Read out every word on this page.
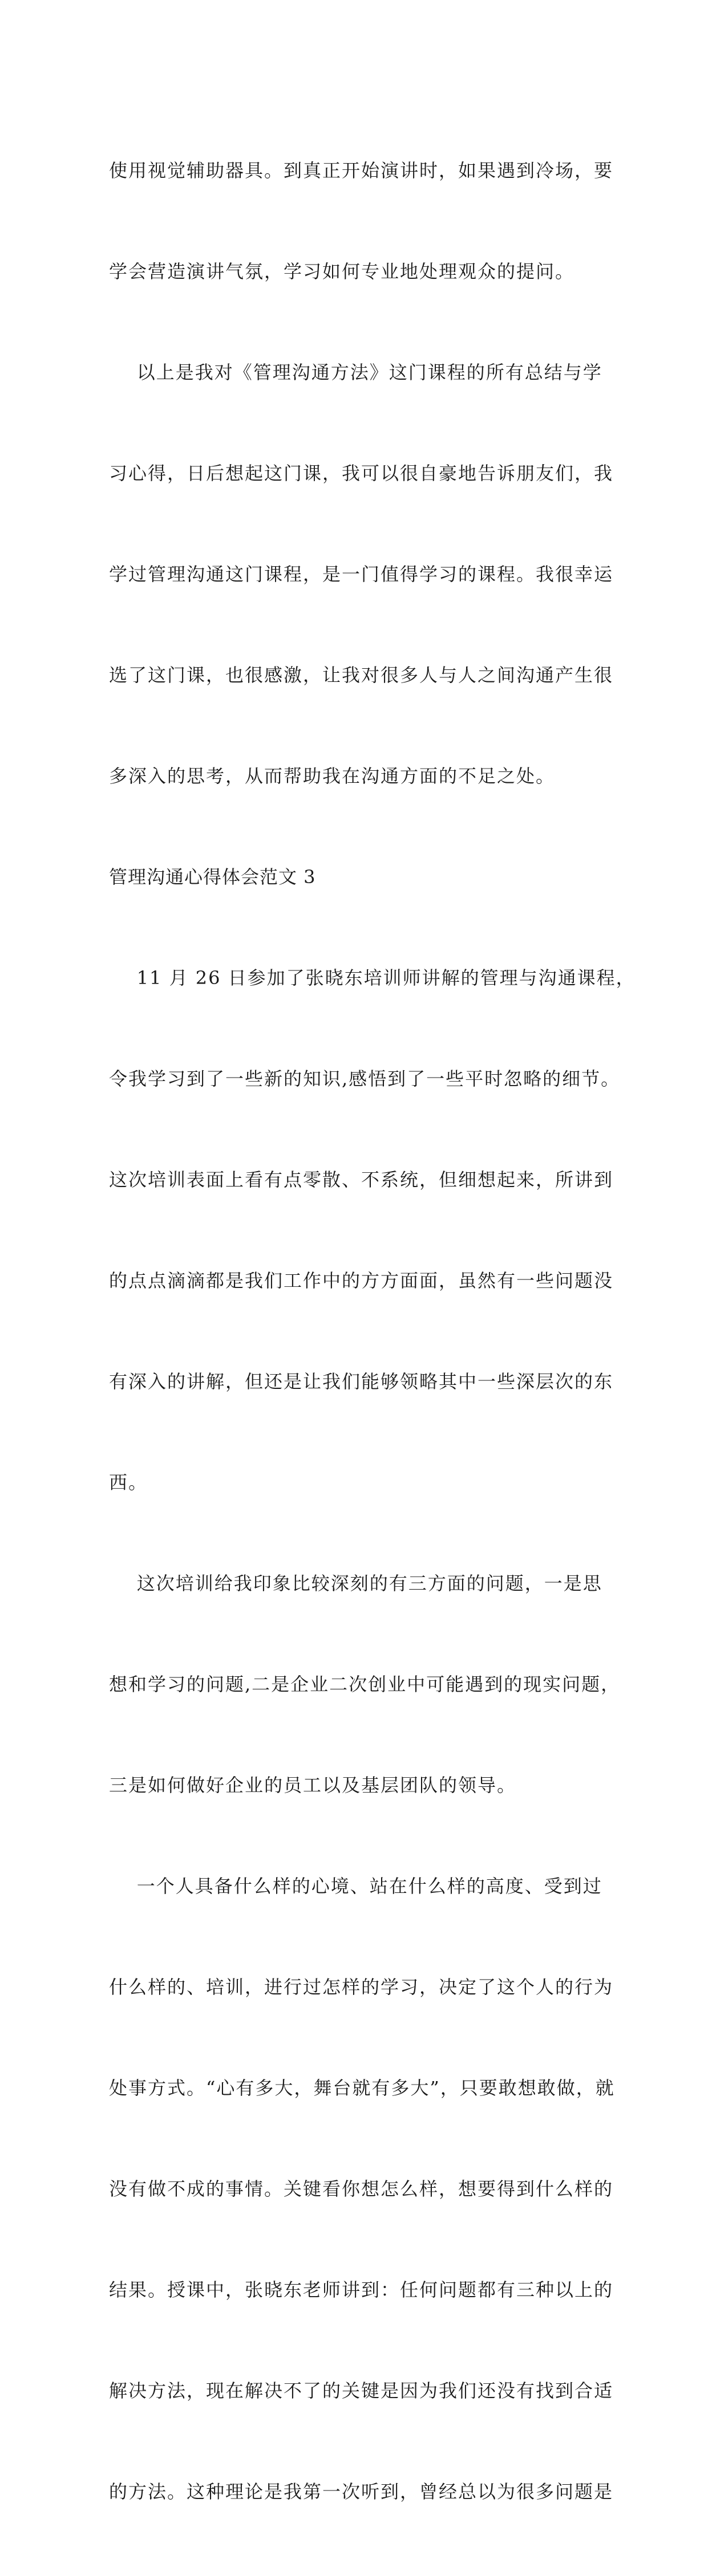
使用视觉辅助器具。到真正开始演讲时，如果遇到冷场，要

学会营造演讲气氛，学习如何专业地处理观众的提问。

以上是我对《管理沟通方法》这门课程的所有总结与学

习心得，日后想起这门课，我可以很自豪地告诉朋友们，我

学过管理沟通这门课程，是一门值得学习的课程。我很幸运

选了这门课，也很感激，让我对很多人与人之间沟通产生很

多深入的思考，从而帮助我在沟通方面的不足之处。

管理沟通心得体会范文 3

11 月 26 日参加了张晓东培训师讲解的管理与沟通课程，

令我学习到了一些新的知识,感悟到了一些平时忽略的细节。

这次培训表面上看有点零散、不系统，但细想起来，所讲到

的点点滴滴都是我们工作中的方方面面，虽然有一些问题没

有深入的讲解，但还是让我们能够领略其中一些深层次的东

西。

这次培训给我印象比较深刻的有三方面的问题，一是思

想和学习的问题,二是企业二次创业中可能遇到的现实问题，

三是如何做好企业的员工以及基层团队的领导。

一个人具备什么样的心境、站在什么样的高度、受到过

什么样的、培训，进行过怎样的学习，决定了这个人的行为

处事方式。“心有多大，舞台就有多大”，只要敢想敢做，就

没有做不成的事情。关键看你想怎么样，想要得到什么样的

结果。授课中，张晓东老师讲到：任何问题都有三种以上的

解决方法，现在解决不了的关键是因为我们还没有找到合适

的方法。这种理论是我第一次听到，曾经总以为很多问题是
